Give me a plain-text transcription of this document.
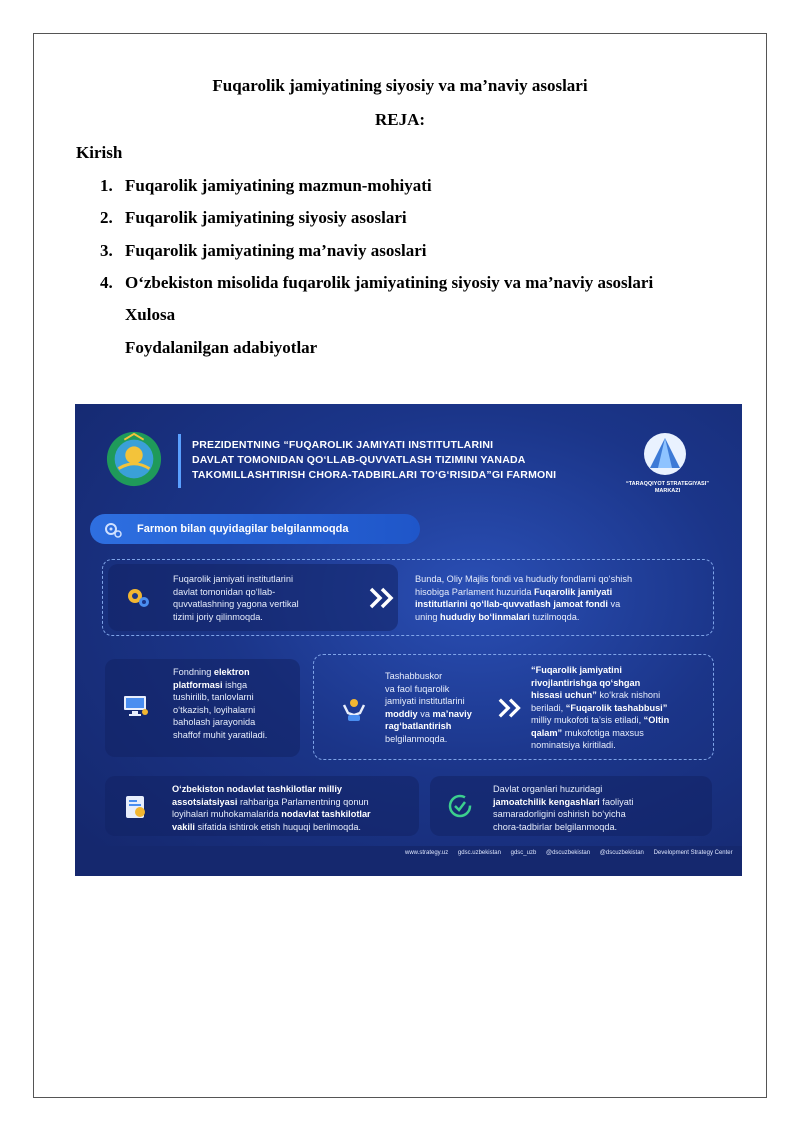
Fuqarolik jamiyatining siyosiy va ma’naviy asoslari
REJA:
Kirish
1. Fuqarolik jamiyatining mazmun-mohiyati
2. Fuqarolik jamiyatining siyosiy asoslari
3. Fuqarolik jamiyatining ma’naviy asoslari
4. O‘zbekiston misolida fuqarolik jamiyatining siyosiy va ma’naviy asoslari
Xulosa
Foydalanilgan adabiyotlar
PREZIDENTNING “FUQAROLIK JAMIYATI INSTITUTLARINI
DAVLAT TOMONIDAN QO‘LLAB-QUVVATLASH TIZIMINI YANADA
TAKOMILLASHTIRISH CHORA-TADBIRLARI TO‘G‘RISIDA”GI FARMONI
“TARAQQIYOT STRATEGIYASI”
MARKAZI
Farmon bilan quyidagilar belgilanmoqda
Fuqarolik jamiyati institutlarini
davlat tomonidan qo‘llab-
quvvatlashning yagona vertikal
tizimi joriy qilinmoqda.
Bunda, Oliy Majlis fondi va hududiy fondlarni qo‘shish
hisobiga Parlament huzurida Fuqarolik jamiyati
institutlarini qo‘llab-quvvatlash jamoat fondi va
uning hududiy bo‘linmalari tuzilmoqda.
Fondning elektron
platformasi ishga
tushirilib, tanlovlarni
o‘tkazish, loyihalarni
baholash jarayonida
shaffof muhit yaratiladi.
Tashabbuskor
va faol fuqarolik
jamiyati institutlarini
moddiy va ma’naviy
rag‘batlantirish
belgilanmoqda.
“Fuqarolik jamiyatini
rivojlantirishga qo‘shgan
hissasi uchun” ko‘krak nishoni
beriladi, “Fuqarolik tashabbusi”
milliy mukofoti ta’sis etiladi, “Oltin
qalam” mukofotiga maxsus
nominatsiya kiritiladi.
O‘zbekiston nodavlat tashkilotlar milliy
assotsiatsiyasi rahbariga Parlamentning qonun
loyihalari muhokamalarida nodavlat tashkilotlar
vakili sifatida ishtirok etish huquqi berilmoqda.
Davlat organlari huzuridagi
jamoatchilik kengashlari faoliyati
samaradorligini oshirish bo‘yicha
chora-tadbirlar belgilanmoqda.
www.strategy.uz gdsc.uzbekistan gdsc_uzb @dscuzbekistan @dscuzbekistan Development Strategy Center
